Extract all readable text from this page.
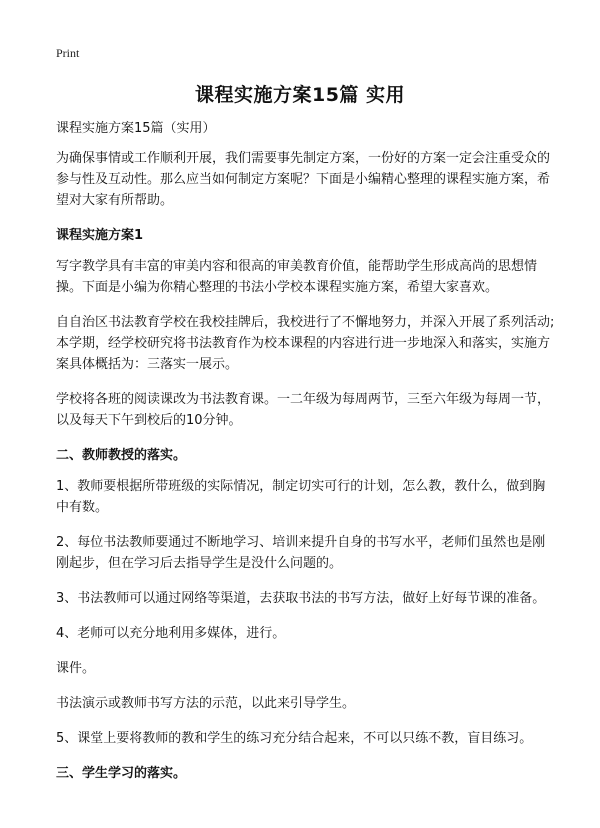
Print
课程实施方案15篇 实用

课程实施方案15篇（实用）

为确保事情或工作顺利开展，我们需要事先制定方案，一份好的方案一定会注重受众的参与性及互动性。那么应当如何制定方案呢？下面是小编精心整理的课程实施方案，希望对大家有所帮助。

课程实施方案1

写字教学具有丰富的审美内容和很高的审美教育价值，能帮助学生形成高尚的思想情操。下面是小编为你精心整理的书法小学校本课程实施方案，希望大家喜欢。

自自治区书法教育学校在我校挂牌后，我校进行了不懈地努力，并深入开展了系列活动;本学期，经学校研究将书法教育作为校本课程的内容进行进一步地深入和落实，实施方案具体概括为：三落实一展示。

学校将各班的阅读课改为书法教育课。一二年级为每周两节，三至六年级为每周一节，以及每天下午到校后的10分钟。

二、教师教授的落实。

1、教师要根据所带班级的实际情况，制定切实可行的计划，怎么教，教什么，做到胸中有数。

2、每位书法教师要通过不断地学习、培训来提升自身的书写水平，老师们虽然也是刚刚起步，但在学习后去指导学生是没什么问题的。

3、书法教师可以通过网络等渠道，去获取书法的书写方法，做好上好每节课的准备。

4、老师可以充分地利用多媒体，进行。

课件。

书法演示或教师书写方法的示范，以此来引导学生。

5、课堂上要将教师的教和学生的练习充分结合起来，不可以只练不教，盲目练习。

三、学生学习的落实。
